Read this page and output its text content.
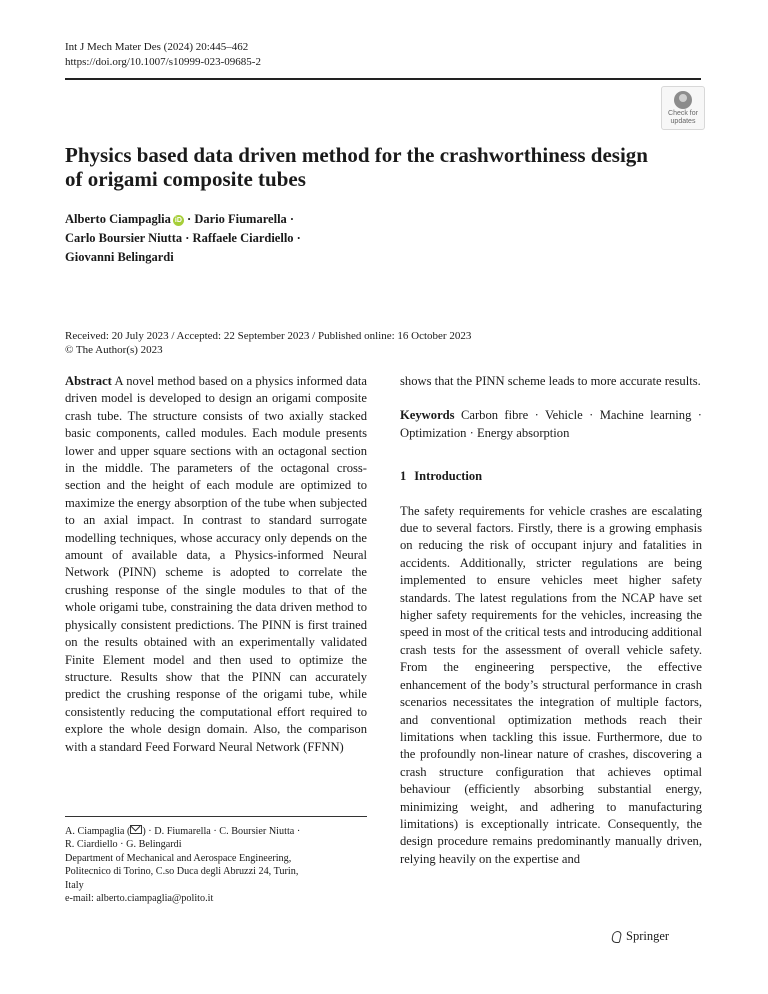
Int J Mech Mater Des (2024) 20:445–462
https://doi.org/10.1007/s10999-023-09685-2
Check for
updates
Physics based data driven method for the crashworthiness design of origami composite tubes
Alberto Ciampaglia iD · Dario Fiumarella ·
Carlo Boursier Niutta · Raffaele Ciardiello ·
Giovanni Belingardi
Received: 20 July 2023 / Accepted: 22 September 2023 / Published online: 16 October 2023
© The Author(s) 2023

Abstract A novel method based on a physics informed data driven model is developed to design an origami composite crash tube. The structure consists of two axially stacked basic components, called modules. Each module presents lower and upper square sections with an octagonal section in the middle. The parameters of the octagonal cross-section and the height of each module are optimized to maximize the energy absorption of the tube when subjected to an axial impact. In contrast to standard surrogate modelling techniques, whose accuracy only depends on the amount of available data, a Physics-informed Neural Network (PINN) scheme is adopted to correlate the crushing response of the single modules to that of the whole origami tube, constraining the data driven method to physically consistent predictions. The PINN is first trained on the results obtained with an experimentally validated Finite Element model and then used to optimize the structure. Results show that the PINN can accurately predict the crushing response of the origami tube, while consistently reducing the computational effort required to explore the whole design domain. Also, the comparison with a standard Feed Forward Neural Network (FFNN)

shows that the PINN scheme leads to more accurate results.

Keywords Carbon fibre · Vehicle · Machine learning · Optimization · Energy absorption

1 Introduction

The safety requirements for vehicle crashes are escalating due to several factors. Firstly, there is a growing emphasis on reducing the risk of occupant injury and fatalities in accidents. Additionally, stricter regulations are being implemented to ensure vehicles meet higher safety standards. The latest regulations from the NCAP have set higher safety requirements for the vehicles, increasing the speed in most of the critical tests and introducing additional crash tests for the assessment of overall vehicle safety. From the engineering perspective, the effective enhancement of the body’s structural performance in crash scenarios necessitates the integration of multiple factors, and conventional optimization methods reach their limitations when tackling this issue. Furthermore, due to the profoundly non-linear nature of crashes, discovering a crash structure configuration that achieves optimal behaviour (efficiently absorbing substantial energy, minimizing weight, and adhering to manufacturing limitations) is exceptionally intricate. Consequently, the design procedure remains predominantly manually driven, relying heavily on the expertise and

A. Ciampaglia ( ) · D. Fiumarella · C. Boursier Niutta ·
R. Ciardiello · G. Belingardi
Department of Mechanical and Aerospace Engineering,
Politecnico di Torino, C.so Duca degli Abruzzi 24, Turin,
Italy
e-mail: alberto.ciampaglia@polito.it
Springer
